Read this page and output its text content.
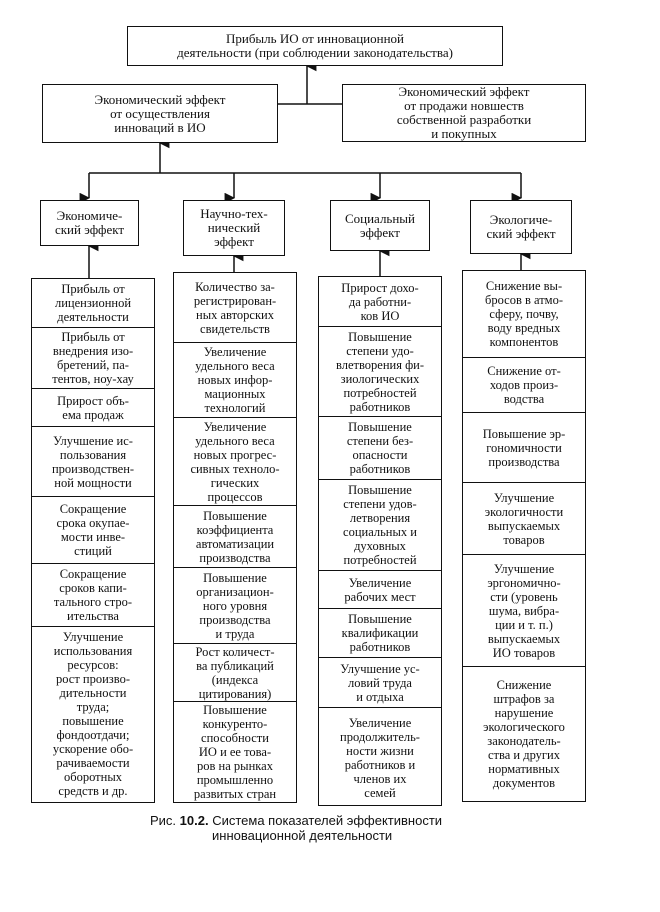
Прибыль ИО от инновационной
деятельности (при соблюдении законодательства)
Экономический эффект
от осуществления
инноваций в ИО
Экономический эффект
от продажи новшеств
собственной разработки
и покупных
Экономиче-
ский эффект
Научно-тех-
нический
эффект
Социальный
эффект
Экологиче-
ский эффект
Прибыль от
лицензионной
деятельности
Прибыль от
внедрения изо-
бретений, па-
тентов, ноу-хау
Прирост объ-
ема продаж
Улучшение ис-
пользования
производствен-
ной мощности
Сокращение
срока окупае-
мости инве-
стиций
Сокращение
сроков капи-
тального стро-
ительства
Улучшение
использования
ресурсов:
рост произво-
дительности
труда;
повышение
фондоотдачи;
ускорение обо-
рачиваемости
оборотных
средств и др.
Количество за-
регистрирован-
ных авторских
свидетельств
Увеличение
удельного веса
новых инфор-
мационных
технологий
Увеличение
удельного веса
новых прогрес-
сивных техноло-
гических
процессов
Повышение
коэффициента
автоматизации
производства
Повышение
организацион-
ного уровня
производства
и труда
Рост количест-
ва публикаций
(индекса
цитирования)
Повышение
конкуренто-
способности
ИО и ее това-
ров на рынках
промышленно
развитых стран
Прирост дохо-
да работни-
ков ИО
Повышение
степени удо-
влетворения фи-
зиологических
потребностей
работников
Повышение
степени без-
опасности
работников
Повышение
степени удов-
летворения
социальных и
духовных
потребностей
Увеличение
рабочих мест
Повышение
квалификации
работников
Улучшение ус-
ловий труда
и отдыха
Увеличение
продолжитель-
ности жизни
работников и
членов их
семей
Снижение вы-
бросов в атмо-
сферу, почву,
воду вредных
компонентов
Снижение от-
ходов произ-
водства
Повышение эр-
гономичности
производства
Улучшение
экологичности
выпускаемых
товаров
Улучшение
эргономично-
сти (уровень
шума, вибра-
ции и т. п.)
выпускаемых
ИО товаров
Снижение
штрафов за
нарушение
экологического
законодатель-
ства и других
нормативных
документов
Рис. 10.2. Система показателей эффективности
инновационной деятельности
